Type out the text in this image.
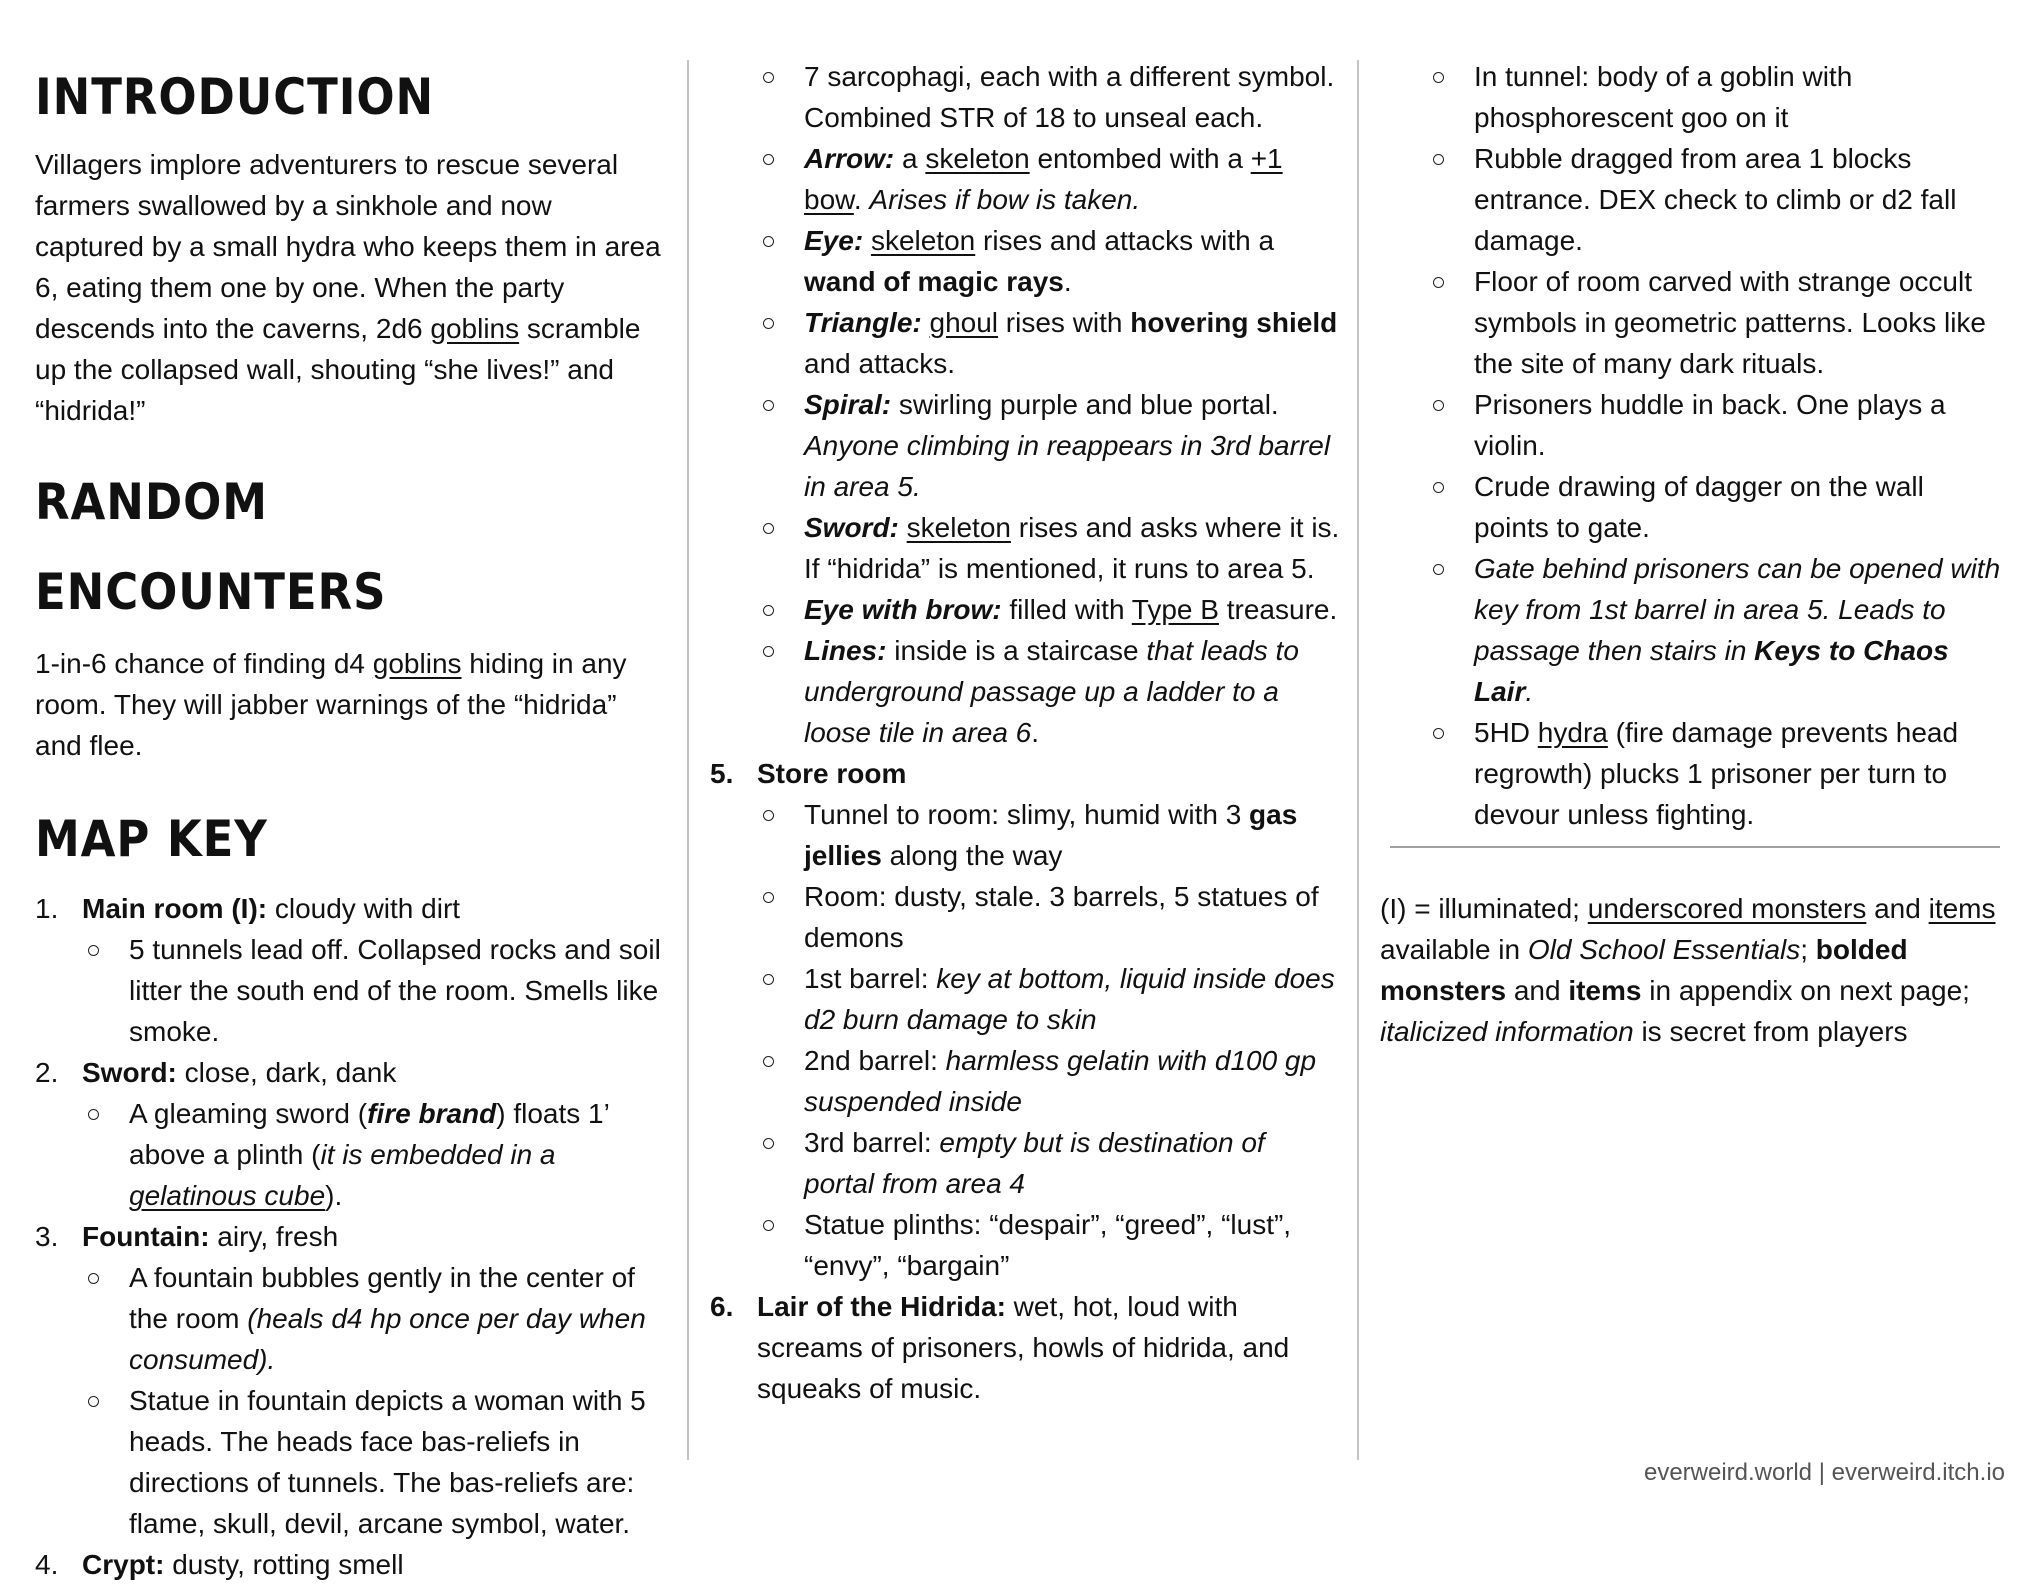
INTRODUCTION

Villagers implore adventurers to rescue several farmers swallowed by a sinkhole and now captured by a small hydra who keeps them in area 6, eating them one by one. When the party descends into the caverns, 2d6 goblins scramble up the collapsed wall, shouting “she lives!” and “hidrida!”

RANDOM ENCOUNTERS

1-in-6 chance of finding d4 goblins hiding in any room. They will jabber warnings of the “hidrida” and flee.

MAP KEY
1. Main room (I): cloudy with dirt
5 tunnels lead off. Collapsed rocks and soil litter the south end of the room. Smells like smoke.
2. Sword: close, dark, dank
A gleaming sword (fire brand) floats 1’ above a plinth (it is embedded in a gelatinous cube).
3. Fountain: airy, fresh
A fountain bubbles gently in the center of the room (heals d4 hp once per day when consumed).
Statue in fountain depicts a woman with 5 heads. The heads face bas-reliefs in directions of tunnels. The bas-reliefs are: flame, skull, devil, arcane symbol, water.
4. Crypt: dusty, rotting smell
7 sarcophagi, each with a different symbol. Combined STR of 18 to unseal each.
Arrow: a skeleton entombed with a +1 bow. Arises if bow is taken.
Eye: skeleton rises and attacks with a wand of magic rays.
Triangle: ghoul rises with hovering shield and attacks.
Spiral: swirling purple and blue portal. Anyone climbing in reappears in 3rd barrel in area 5.
Sword: skeleton rises and asks where it is. If “hidrida” is mentioned, it runs to area 5.
Eye with brow: filled with Type B treasure.
Lines: inside is a staircase that leads to underground passage up a ladder to a loose tile in area 6.
5. Store room
Tunnel to room: slimy, humid with 3 gas jellies along the way
Room: dusty, stale. 3 barrels, 5 statues of demons
1st barrel: key at bottom, liquid inside does d2 burn damage to skin
2nd barrel: harmless gelatin with d100 gp suspended inside
3rd barrel: empty but is destination of portal from area 4
Statue plinths: “despair”, “greed”, “lust”, “envy”, “bargain”
6. Lair of the Hidrida: wet, hot, loud with screams of prisoners, howls of hidrida, and squeaks of music.
In tunnel: body of a goblin with phosphorescent goo on it
Rubble dragged from area 1 blocks entrance. DEX check to climb or d2 fall damage.
Floor of room carved with strange occult symbols in geometric patterns. Looks like the site of many dark rituals.
Prisoners huddle in back. One plays a violin.
Crude drawing of dagger on the wall points to gate.
Gate behind prisoners can be opened with key from 1st barrel in area 5. Leads to passage then stairs in Keys to Chaos Lair.
5HD hydra (fire damage prevents head regrowth) plucks 1 prisoner per turn to devour unless fighting.

(I) = illuminated; underscored monsters and items available in Old School Essentials; bolded monsters and items in appendix on next page; italicized information is secret from players

everweird.world | everweird.itch.io
